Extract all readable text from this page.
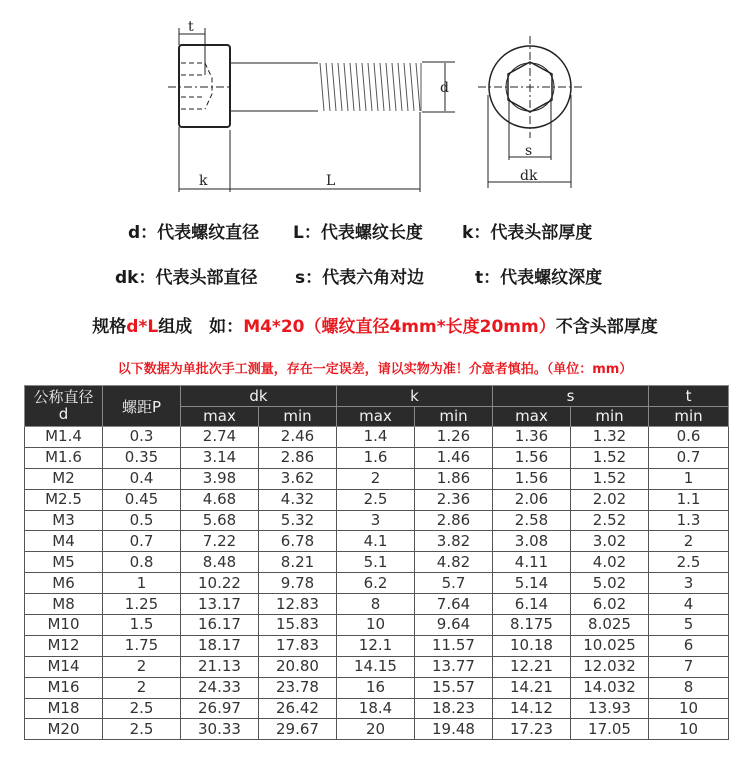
t
d
k	L
s
dk
d：代表螺纹直径 L：代表螺纹长度 k：代表头部厚度
dk：代表头部直径 s：代表六角对边	t：代表螺纹深度
规格d*L组成　如：M4*20（螺纹直径4mm*长度20mm）不含头部厚度
以下数据为单批次手工测量，存在一定误差，请以实物为准！介意者慎拍。（单位：mm）
公称直径
d	螺距P	dk		k		s		t
		max	min	max	min	max	min	min
M1.4	0.3	2.74	2.46	1.4	1.26	1.36	1.32	0.6
M1.6	0.35	3.14	2.86	1.6	1.46	1.56	1.52	0.7
M2	0.4	3.98	3.62	2	1.86	1.56	1.52	1
M2.5	0.45	4.68	4.32	2.5	2.36	2.06	2.02	1.1
M3	0.5	5.68	5.32	3	2.86	2.58	2.52	1.3
M4	0.7	7.22	6.78	4.1	3.82	3.08	3.02	2
M5	0.8	8.48	8.21	5.1	4.82	4.11	4.02	2.5
M6	1	10.22	9.78	6.2	5.7	5.14	5.02	3
M8	1.25	13.17	12.83	8	7.64	6.14	6.02	4
M10	1.5	16.17	15.83	10	9.64	8.175	8.025	5
M12	1.75	18.17	17.83	12.1	11.57	10.18	10.025	6
M14	2	21.13	20.80	14.15	13.77	12.21	12.032	7
M16	2	24.33	23.78	16	15.57	14.21	14.032	8
M18	2.5	26.97	26.42	18.4	18.23	14.12	13.93	10
M20	2.5	30.33	29.67	20	19.48	17.23	17.05	10
